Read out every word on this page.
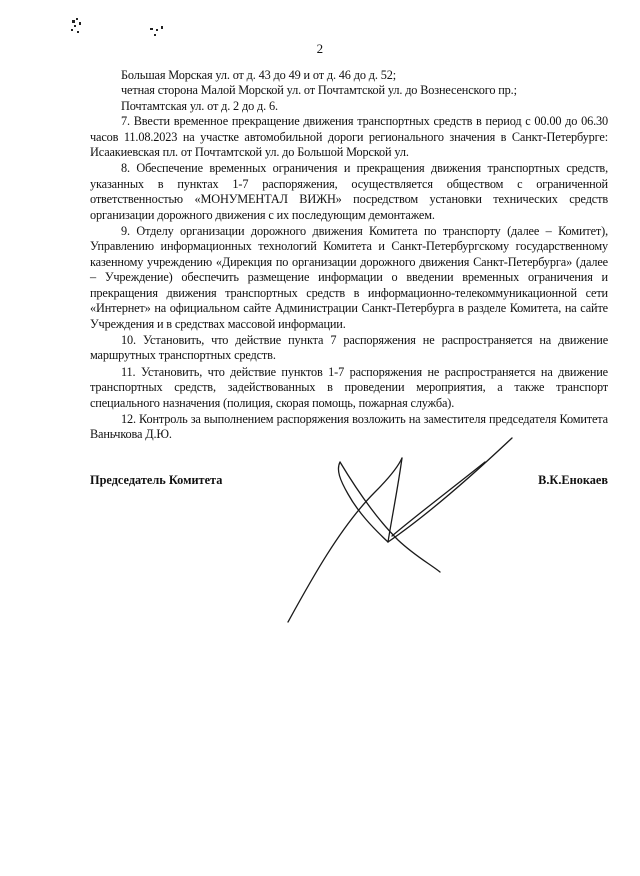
2
Большая Морская ул. от д. 43 до 49 и от д. 46 до д. 52;
четная сторона Малой Морской ул. от Почтамтской ул. до Вознесенского пр.;
Почтамтская ул. от д. 2 до д. 6.

7. Ввести временное прекращение движения транспортных средств в период с 00.00 до 06.30 часов 11.08.2023 на участке автомобильной дороги регионального значения в Санкт-Петербурге: Исаакиевская пл. от Почтамтской ул. до Большой Морской ул.

8. Обеспечение временных ограничения и прекращения движения транспортных средств, указанных в пунктах 1-7 распоряжения, осуществляется обществом с ограниченной ответственностью «МОНУМЕНТАЛ ВИЖН» посредством установки технических средств организации дорожного движения с их последующим демонтажем.

9. Отделу организации дорожного движения Комитета по транспорту (далее – Комитет), Управлению информационных технологий Комитета и Санкт-Петербургскому государственному казенному учреждению «Дирекция по организации дорожного движения Санкт-Петербурга» (далее – Учреждение) обеспечить размещение информации о введении временных ограничения и прекращения движения транспортных средств в информационно-телекоммуникационной сети «Интернет» на официальном сайте Администрации Санкт-Петербурга в разделе Комитета, на сайте Учреждения и в средствах массовой информации.

10. Установить, что действие пункта 7 распоряжения не распространяется на движение маршрутных транспортных средств.

11. Установить, что действие пунктов 1-7 распоряжения не распространяется на движение транспортных средств, задействованных в проведении мероприятия, а также транспорт специального назначения (полиция, скорая помощь, пожарная служба).

12. Контроль за выполнением распоряжения возложить на заместителя председателя Комитета Ваньчкова Д.Ю.

Председатель Комитета	В.К.Енокаев
